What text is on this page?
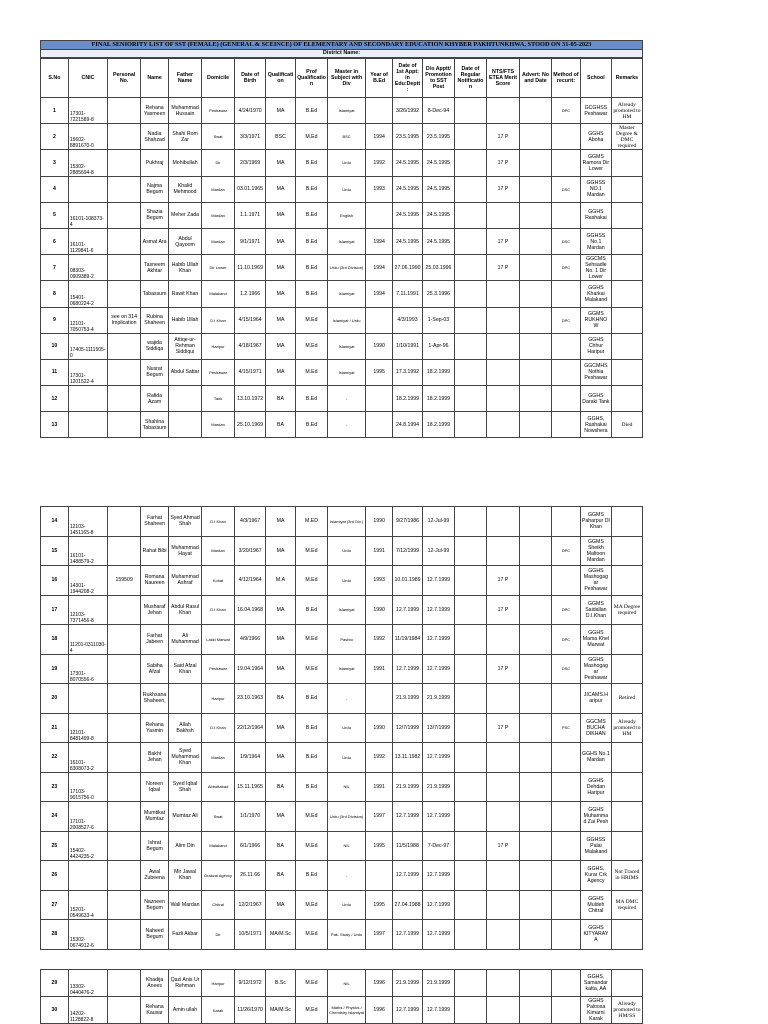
FINAL SENIORITY LIST OF SST (FEMALE) (GENERAL & SCEINCE) OF ELEMENTARY AND SECONDARY EDUCATION KHYBER PAKHTUNKHWA, STOOD ON 31-05-2023
District Name:
S.No	CNIC	Personal No.	Name	Father Name	Domicile	Date of Birth	Qualification	Prof Qualification	Master in Subject with Div	Year of B.Ed	Date of 1st Appt: in Edu:Deptt:	D/o Apptt/ Promotion to SST Post	Date of Regular Notification	NTS/FTS ETEA Merit Score	Advert: No and Date	Method of recurit:	School	Remarks
1	17301-7221589-8		Rehana Yasmeen	Muhammad Hussain	Peshawar	4/24/1970	MA	B.Ed	Islamiyat		3/26/1992	8-Dec-94				DPC	GCGHSS Peshawar	Already promoted to HM
2	15602-8891670-0		Nadia Shahzad	Shahi Rom Zar	Swat	3/3/1971	BSC	M.Ed	BSC	1994	23.5.1995	23.5.1995		17 P			GGHS Aboha	Master Degree & DMC required
3	15302-2885694-8		Pukhraj	Mohibullah	Dir	2/3/1969	MA	B.Ed	Urdu	1992	24.5.1995	24.5.1995		17 P			GGMS Ramora Dir Lower	
4			Najma Begum	Khalid Mehmood	Mardan	03.01.1965	MA	B.Ed	Urdu	1993	24.5.1995	24.5.1995		17 P		DSC	GGHSS NO.1 Mardan	
5	16101-108373-4		Shazia Begum	Meher Zada	Mardan	1.1.1971	MA	B.Ed	English		24.5.1995	24.5.1995					GGHS Rashakai	
6	16101-1129841-6		Asmat Ara	Abdul Qayoom	Mardan	9/1/1971	MA	B.Ed	Islamiyat	1994	24.5.1995	24.5.1995		17 P		DSC	GGHSS No.1 Mardan	
7	08303-0909389-2		Tasneem Akhtar	Habib Ullah Khan	Dir Lower	11.10.1969	MA	B.Ed	Urdu (3rd Division)	1994	27.06.1990	25.03.1996		17 P		DPC	GGCMS Sehsadle No. 1 Dir Lower	
8	15401-0680224-2		Tabassum	Rawit Khan	Malakand	1.2.1966	MA	B.Ed	Islamiyat	1994	7.11.1991	25.3.1996					GGHS Kharkai Malakand	
9	12101-7050753-4	see on 314 Implication	Rubina Shaheen	Habib Ullah	D.I.Khan	4/15/1964	MA	M.Ed	Islamiyat / Urdu		4/3/1993	1-Sep-03				DPC	GGMS RUKHNO W	
10	17405-1111505-0		wajida Siddiqa	Attiqe-ur-Rehman Siddiqui	Haripur	4/18/1967	MA	M.Ed	Islamiyat	1990	1/10/1991	1-Apr-96					GGHS Chhur Haripur	
11	17301-1201522-4		Nusrat Begum	Abdul Sattar	Peshawar	4/15/1971	MA	M.Ed	Islamiyat	1995	17.3.1992	18.2.1999					GGCMHS Nothia Peshawar	
12			Rafida Azam		Tank	13.10.1972	BA	B.Ed	-		18.2.1999	18.2.1999					GGHS Daraki Tank	
13			Shahina Tabassum		Mardan	25.10.1969	BA	B.Ed	-		24.8.1994	18.2.1999					GGHS, Rashakai Nowshera	Died
14	12103-1451165-8		Farhat Shaheen	Syed Ahmad Shah	D.I.Khan	4/3/1967	MA	M.ED	Islamiyat (3rd Div.)	1990	9/27/1986	12-Jul-99					GGMS Paharpur DI Khan	
15	16101-1488579-2		Rahat Bibi	Muhammad Hayat	Mardan	3/20/1967	MA	M.Ed	Urdu	1991	7/12/1999	12-Jul-99				DPC	GGMS Sheikh Maltoon Mardan	
16	14301-1944208-2	159509	Romana Naureen	Muhammad Ashraf	Kohat	4/12/1964	M.A	M.Ed	Urdu	1993	10.01.1989	12.7.1999		17 P			GGHS Mashogag ar Peshawar	
17	12103-7371456-8		Musharaf Jehan	Abdul Rasul Khan	D.I.Khan	16.04.1968	MA	B.Ed	Islamiyat	1990	12.7.1999	12.7.1999		17 P		DPC	GGMS Saidallan D.I.Khan	MA Degree required
18	11201-0311030-4		Farhat Jabeen	Ali Muhammad	Lakki Marwat	4/9/1966	MA	M.Ed	Pashto	1992	11/19/1984	12.7.1999				DPC	GGHS Mama Khel Marwat	
19	17301-8070556-6		Sabiha Afzal	Said Afzal Khan	Peshawar	19.04.1964	MA	M.Ed	Islamiyat	1991	12.7.1999	12.7.1999		17 P		DSC	GGHS Mashogag ar Peshawar	
20			Rukhsana Shaheen,		Haripur	23.10.1963	BA	B.Ed	-		21.9.1999	21.9.1999					JICAMS.H aripur	Retired
21	12101-8481499-8		Rehana Yasmin	Allah Bakhsh	D.I.Khan	22/12/1964	MA	B.Ed	Urdu	1990	12/7/1999	13/7/1999		17 P		PSC	GGCMS BUCHA DIKHAN	Already promoted to HM
22	16101-8308073-2		Bakht Jehan	Syed Muhammad Khan	Mardan	1/9/1964	MA	B.Ed	Urdu	1992	13.11.1982	12.7.1999					GGHS No.1 Mardan	
23	17103-9015756-0		Noreen Iqbal	Syed Iqbal Shah	Abbottabad	15.11.1965	BA	B.Ed	NIL	1991	21.9.1999	21.9.1999					GGHS Dehdan Haripur	
24	17101-2008527-6		Mumtikat Mumtaz	Mumtaz Ali	Swat	1/1/1970	MA	M.Ed	Urdu (3rd Division)	1997	12.7.1999	12.7.1999					GGHS Muhamma d Zai Pesh	
25	15402-4424235-2		Ishrat Begum	Alim Din	Malakand	6/1/1966	BA	M.Ed	NIL	1995	11/5/1988	7-Dec-97		17 P			GGHSS Palai Malakand	
26			Awal Zubeena	Mir Jawal Khan	Orakzai Agency	26.11.66	BA	B.Ed	-		12.7.1999	12.7.1999					GGHS, Kurar Crk Agency	Not Traced in HRIMS
27	15201-0549633-4		Nazneen Begum	Wali Mardan	Chitral	12/2/1967	MA	M.Ed	Urdu	1995	27.04.1988	12.7.1999					GGHS Muldeh Chitral	MA DMC required
28	15302-0674912-6		Naheed Begum	Fazli Akbar	Dir	10/5/1971	MA/M.Sc	M.Ed	Pak. Study / Urdu	1997	12.7.1999	12.7.1999					GGHS KITYARAY A	
29	13302-0440476-2		Khadija Anees	Qazi Anis Ur Rehman	Haripur	9/12/1972	B.Sc	M.Ed	NIL	1996	21.9.1999	21.9.1999					GGHS, Samandar katta, AA	
30	14202-1128822-8		Rehana Kausar	Amin ullah	Karak	11/26/1970	MA/M.Sc	M.Ed	Maths / Physics / Chemistry Islamiyat	1996	12.7.1999	12.7.1999					GGHS Paloosa Kimarni Karak	Already promoted to HM/SS
